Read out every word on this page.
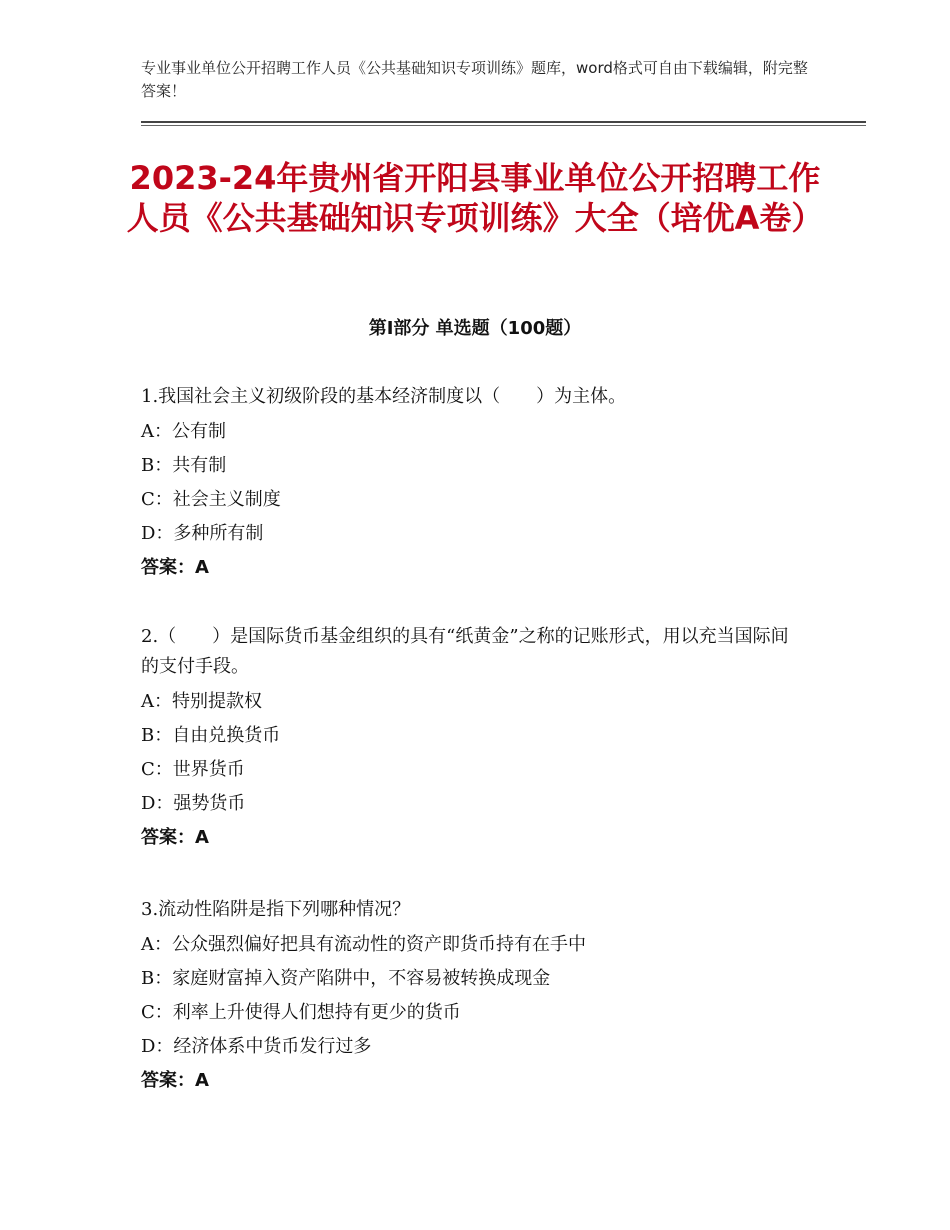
专业事业单位公开招聘工作人员《公共基础知识专项训练》题库，word格式可自由下载编辑，附完整答案！
2023-24年贵州省开阳县事业单位公开招聘工作人员《公共基础知识专项训练》大全（培优A卷）
第Ⅰ部分 单选题（100题）

1.我国社会主义初级阶段的基本经济制度以（　　）为主体。

A：公有制

B：共有制

C：社会主义制度

D：多种所有制

答案：A

2.（　　）是国际货币基金组织的具有“纸黄金”之称的记账形式，用以充当国际间的支付手段。

A：特别提款权

B：自由兑换货币

C：世界货币

D：强势货币

答案：A

3.流动性陷阱是指下列哪种情况？

A：公众强烈偏好把具有流动性的资产即货币持有在手中

B：家庭财富掉入资产陷阱中，不容易被转换成现金

C：利率上升使得人们想持有更少的货币

D：经济体系中货币发行过多

答案：A
